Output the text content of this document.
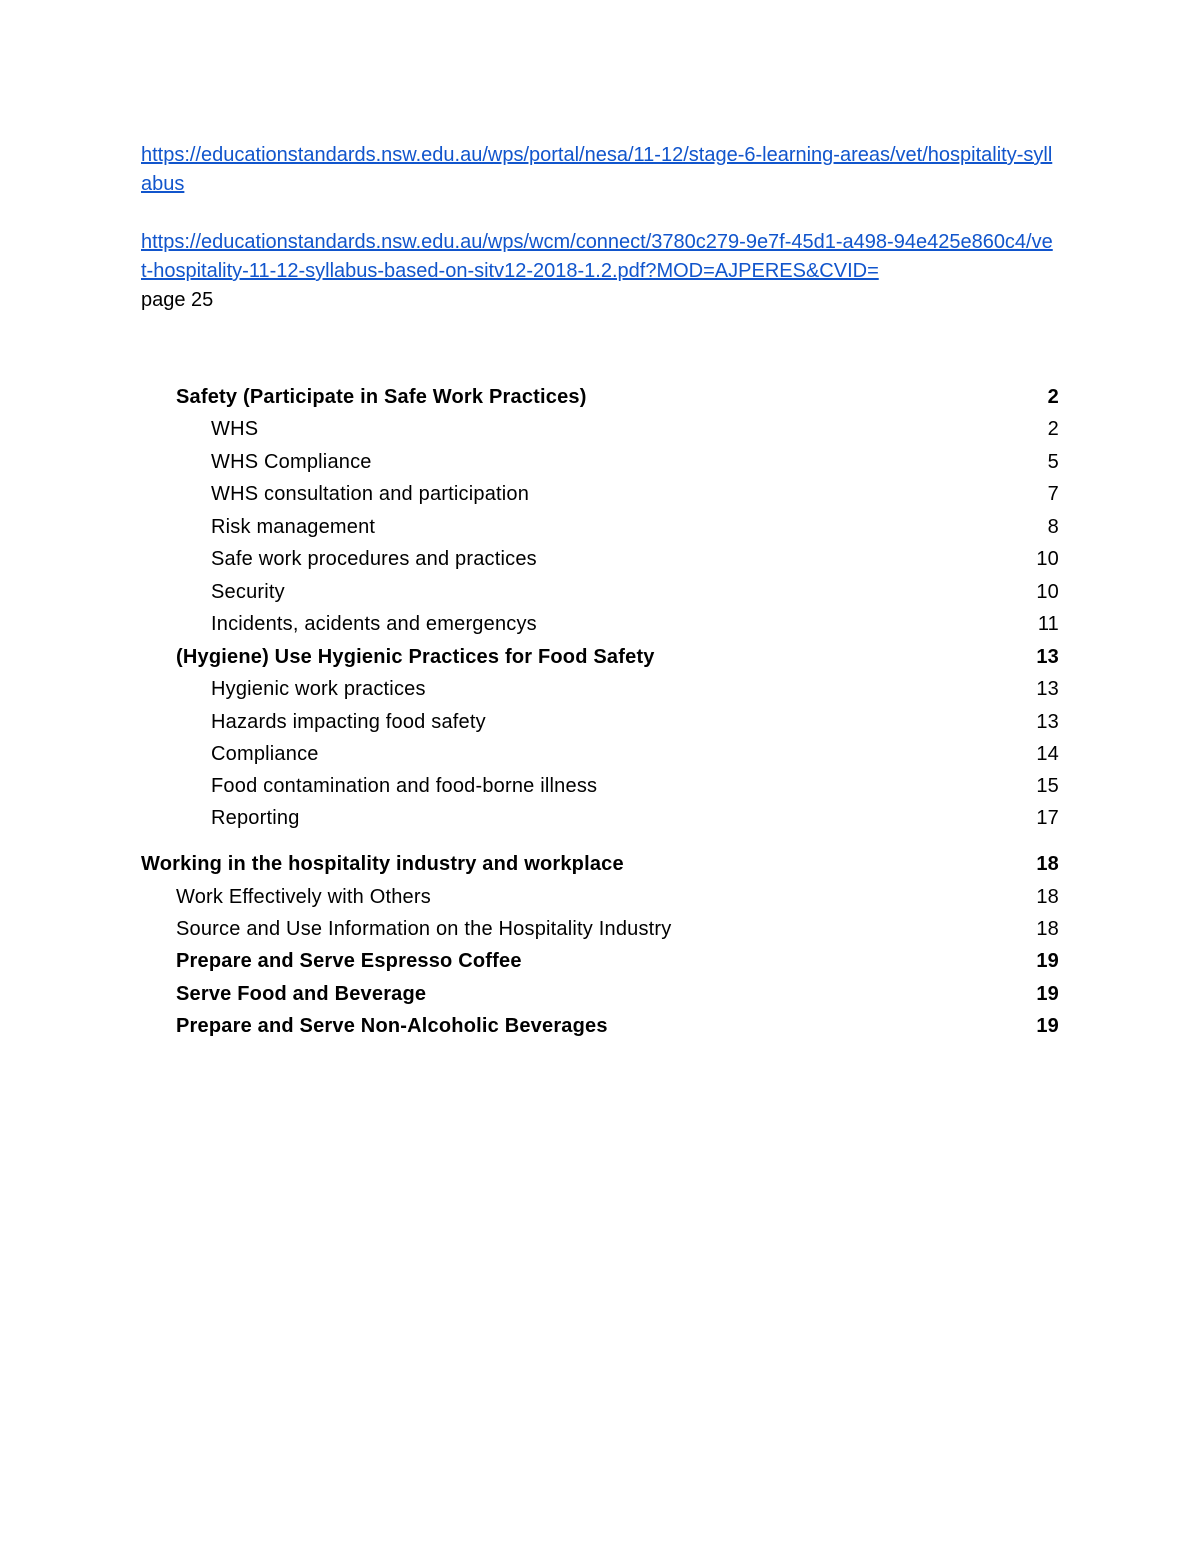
https://educationstandards.nsw.edu.au/wps/portal/nesa/11-12/stage-6-learning-areas/vet/hospitality-syllabus
https://educationstandards.nsw.edu.au/wps/wcm/connect/3780c279-9e7f-45d1-a498-94e425e860c4/vet-hospitality-11-12-syllabus-based-on-sitv12-2018-1.2.pdf?MOD=AJPERES&CVID=
page 25
Safety (Participate in Safe Work Practices)	2
WHS	2
WHS Compliance	5
WHS consultation and participation	7
Risk management	8
Safe work procedures and practices	10
Security	10
Incidents, acidents and emergencys	11
(Hygiene) Use Hygienic Practices for Food Safety	13
Hygienic work practices	13
Hazards impacting food safety	13
Compliance	14
Food contamination and food-borne illness	15
Reporting	17
Working in the hospitality industry and workplace	18
Work Effectively with Others	18
Source and Use Information on the Hospitality Industry	18
Prepare and Serve Espresso Coffee	19
Serve Food and Beverage	19
Prepare and Serve Non-Alcoholic Beverages	19
